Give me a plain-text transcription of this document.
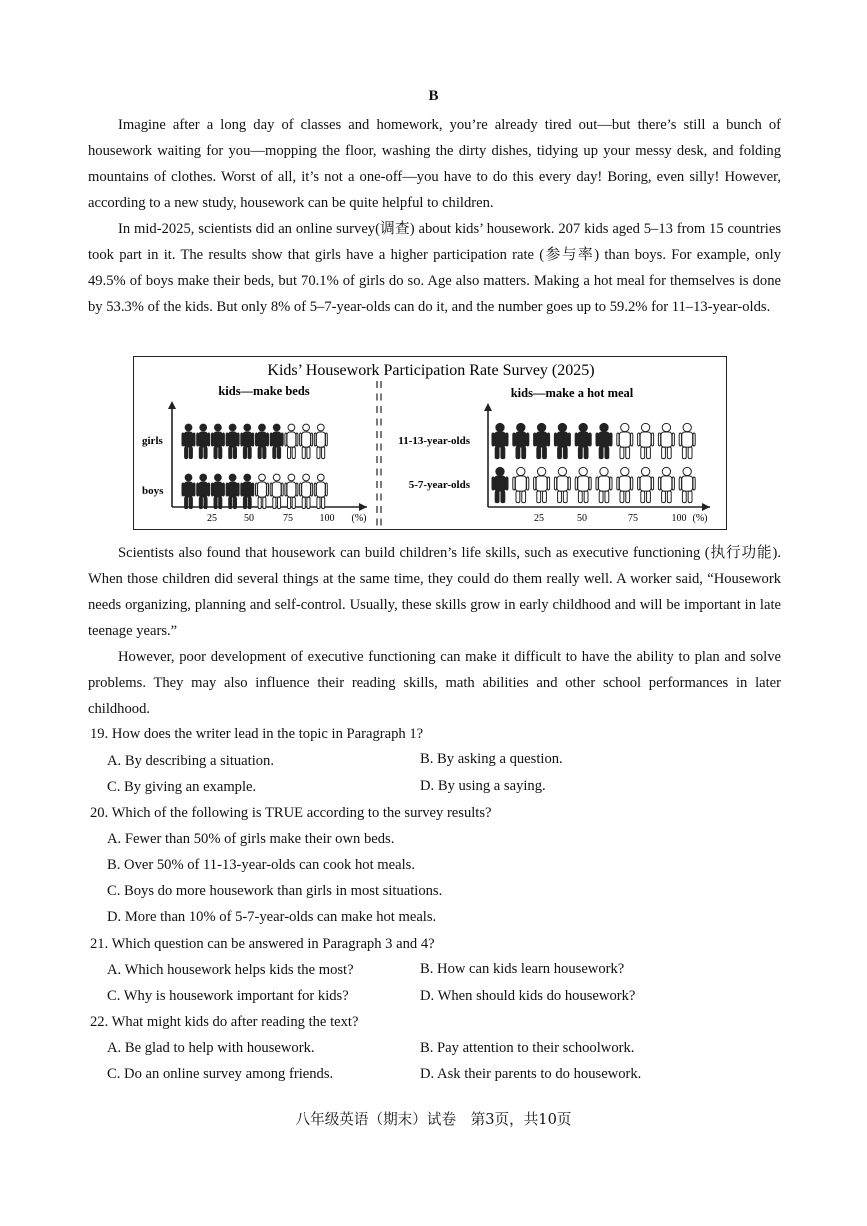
B

Imagine after a long day of classes and homework, you’re already tired out—but there’s still a bunch of housework waiting for you—mopping the floor, washing the dirty dishes, tidying up your messy desk, and folding mountains of clothes. Worst of all, it’s not a one-off—you have to do this every day! Boring, even silly! However, according to a new study, housework can be quite helpful to children.

In mid-2025, scientists did an online survey(调查) about kids’ housework. 207 kids aged 5–13 from 15 countries took part in it. The results show that girls have a higher participation rate (参与率) than boys. For example, only 49.5% of boys make their beds, but 70.1% of girls do so. Age also matters. Making a hot meal for themselves is done by 53.3% of the kids. But only 8% of 5–7-year-olds can do it, and the number goes up to 59.2% for 11–13-year-olds.

Kids’ Housework Participation Rate Survey (2025)
kids—make beds
25	50	75	100 (%)
girls
boys
kids—make a hot meal
25	50	75	100 (%)
11-13-year-olds
5-7-year-olds

Scientists also found that housework can build children’s life skills, such as executive functioning (执行功能). When those children did several things at the same time, they could do them really well. A worker said, “Housework needs organizing, planning and self-control. Usually, these skills grow in early childhood and will be important in late teenage years.”

However, poor development of executive functioning can make it difficult to have the ability to plan and solve problems. They may also influence their reading skills, math abilities and other school performances in later childhood.

19. How does the writer lead in the topic in Paragraph 1?
A. By describing a situation.	B. By asking a question.
C. By giving an example.	D. By using a saying.
20. Which of the following is TRUE according to the survey results?
A. Fewer than 50% of girls make their own beds.
B. Over 50% of 11-13-year-olds can cook hot meals.
C. Boys do more housework than girls in most situations.
D. More than 10% of 5-7-year-olds can make hot meals.
21. Which question can be answered in Paragraph 3 and 4?
A. Which housework helps kids the most?	B. How can kids learn housework?
C. Why is housework important for kids?	D. When should kids do housework?
22. What might kids do after reading the text?
A. Be glad to help with housework.	B. Pay attention to their schoolwork.
C. Do an online survey among friends.	D. Ask their parents to do housework.
八年级英语（期末）试卷　第3页，共10页
